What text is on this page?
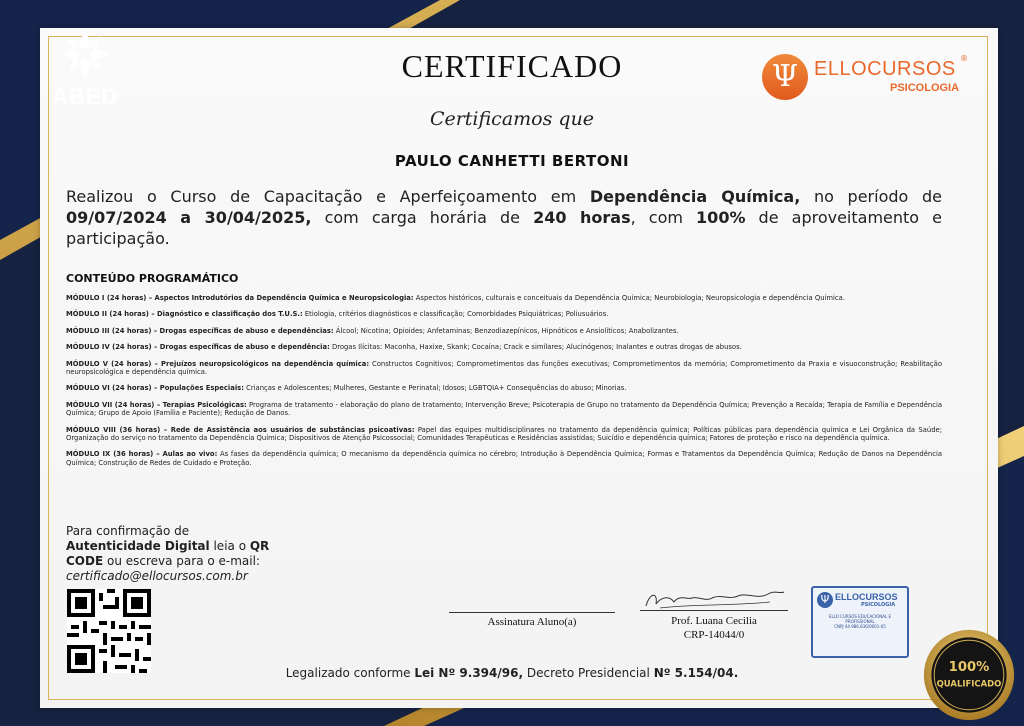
ABED
CERTIFICADO	Ψ ELLOCURSOS ®
PSICOLOGIA
Certificamos que
PAULO CANHETTI BERTONI
Realizou o Curso de Capacitação e Aperfeiçoamento em Dependência Química, no período de 09/07/2024 a 30/04/2025, com carga horária de 240 horas, com 100% de aproveitamento e participação.
CONTEÚDO PROGRAMÁTICO
MÓDULO I (24 horas) – Aspectos Introdutórios da Dependência Química e Neuropsicologia: Aspectos históricos, culturais e conceituais da Dependência Química; Neurobiologia; Neuropsicologia e dependência Química.
MÓDULO II (24 horas) – Diagnóstico e classificação dos T.U.S.: Etiologia, critérios diagnósticos e classificação; Comorbidades Psiquiátricas; Poliusuários.
MÓDULO III (24 horas) – Drogas específicas de abuso e dependências: Álcool; Nicotina; Opioides; Anfetaminas; Benzodiazepínicos, Hipnóticos e Ansiolíticos; Anabolizantes.
MÓDULO IV (24 horas) – Drogas específicas de abuso e dependência: Drogas Ilícitas: Maconha, Haxixe, Skank; Cocaína; Crack e similares; Alucinógenos; Inalantes e outras drogas de abusos.
MÓDULO V (24 horas) – Prejuízos neuropsicológicos na dependência química: Constructos Cognitivos; Comprometimentos das funções executivas; Comprometimentos da memória; Comprometimento da Praxia e visuoconstrução; Reabilitação neuropsicológica e dependência química.
MÓDULO VI (24 horas) – Populações Especiais: Crianças e Adolescentes; Mulheres, Gestante e Perinatal; Idosos; LGBTQIA+ Consequências do abuso; Minorias.
MÓDULO VII (24 horas) – Terapias Psicológicas: Programa de tratamento - elaboração do plano de tratamento; Intervenção Breve; Psicoterapia de Grupo no tratamento da Dependência Química; Prevenção a Recaída; Terapia de Família e Dependência Química; Grupo de Apoio (Família e Paciente); Redução de Danos.
MÓDULO VIII (36 horas) – Rede de Assistência aos usuários de substâncias psicoativas: Papel das equipes multidisciplinares no tratamento da dependência química; Políticas públicas para dependência química e Lei Orgânica da Saúde; Organização do serviço no tratamento da Dependência Química; Dispositivos de Atenção Psicossocial; Comunidades Terapêuticas e Residências assistidas; Suicídio e dependência química; Fatores de proteção e risco na dependência química.
MÓDULO IX (36 horas) – Aulas ao vivo: As fases da dependência química; O mecanismo da dependência química no cérebro; Introdução à Dependência Química; Formas e Tratamentos da Dependência Química; Redução de Danos na Dependência Química; Construção de Redes de Cuidado e Proteção.
Para confirmação de
Autenticidade Digital leia o QR
CODE ou escreva para o e-mail:
certificado@ellocursos.com.br
Assinatura Aluno(a)	Prof. Luana Cecilia
CRP-14044/0
Ψ ELLOCURSOS
PSICOLOGIA
ELLO CURSOS EDUCACIONAL E PROFISSIONAL
CNPJ 44.986.836/0001-05
Legalizado conforme Lei Nº 9.394/96, Decreto Presidencial Nº 5.154/04.	100%
QUALIFICADO
